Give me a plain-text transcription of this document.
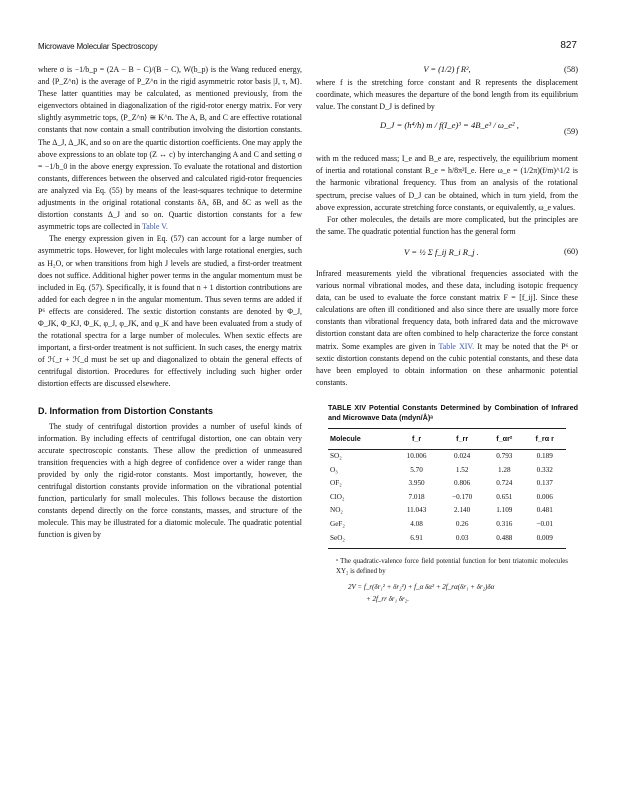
Microwave Molecular Spectroscopy	827

where σ is −1/b_p = (2A − B − C)/(B − C), W(b_p) is the Wang reduced energy, and ⟨P_Z^n⟩ is the average of P_Z^n in the rigid asymmetric rotor basis |J, τ, M⟩. These latter quantities may be calculated, as mentioned previously, from the eigenvectors obtained in diagonalization of the rigid-rotor energy matrix. For very slightly asymmetric tops, ⟨P_Z^n⟩ ≅ K^n. The A, B, and C are effective rotational constants that now contain a small contribution involving the distortion constants. The Δ_J, Δ_JK, and so on are the quartic distortion coefficients. One may apply the above expressions to an oblate top (Z ↔ c) by interchanging A and C and setting σ = −1/b_0 in the above energy expression. To evaluate the rotational and distortion constants, differences between the observed and calculated rigid-rotor frequencies are analyzed via Eq. (55) by means of the least-squares technique to determine adjustments in the original rotational constants δA, δB, and δC as well as the distortion constants Δ_J and so on. Quartic distortion constants for a few asymmetric tops are collected in Table V.

The energy expression given in Eq. (57) can account for a large number of asymmetric tops. However, for light molecules with large rotational energies, such as H₂O, or when transitions from high J levels are studied, a first-order treatment does not suffice. Additional higher power terms in the angular momentum must be included in Eq. (57). Specifically, it is found that n + 1 distortion contributions are added for each degree n in the angular momentum. Thus seven terms are added if P⁶ effects are considered. The sextic distortion constants are denoted by Φ_J, Φ_JK, Φ_KJ, Φ_K, φ_J, φ_JK, and φ_K and have been evaluated from a study of the rotational spectra for a large number of molecules. When sextic effects are important, a first-order treatment is not sufficient. In such cases, the energy matrix of ℋ_r + ℋ_d must be set up and diagonalized to obtain the general effects of centrifugal distortion. Procedures for effectively including such higher order distortion effects are discussed elsewhere.

D. Information from Distortion Constants

The study of centrifugal distortion provides a number of useful kinds of information. By including effects of centrifugal distortion, one can obtain very accurate spectroscopic constants. These allow the prediction of unmeasured transition frequencies with a high degree of confidence over a wider range than provided by only the rigid-rotor constants. Most importantly, however, the centrifugal distortion constants provide information on the vibrational potential function, particularly for small molecules. This follows because the distortion constants depend directly on the force constants, masses, and structure of the molecule. This may be illustrated for a diatomic molecule. The quadratic potential function is given by

V = (1/2) f R²,	(58)

where f is the stretching force constant and R represents the displacement coordinate, which measures the departure of the bond length from its equilibrium value. The constant D_J is defined by

D_J = (h⁴/h) m / f(I_e)³ = 4B_e³ / ω_e² ,
(59)

with m the reduced mass; I_e and B_e are, respectively, the equilibrium moment of inertia and rotational constant B_e = h/8π²I_e. Here ω_e = (1/2π)(f/m)^1/2 is the harmonic vibrational frequency. Thus from an analysis of the rotational spectrum, precise values of D_J can be obtained, which in turn yield, from the above expression, accurate stretching force constants, or equivalently, ω_e values.

For other molecules, the details are more complicated, but the principles are the same. The quadratic potential function has the general form

V = ½ Σ f_ij R_i R_j .	(60)

Infrared measurements yield the vibrational frequencies associated with the various normal vibrational modes, and these data, including isotopic frequency data, can be used to evaluate the force constant matrix F = [f_ij]. Since these calculations are often ill conditioned and also since there are usually more force constants than vibrational frequency data, both infrared data and the microwave distortion constant data are often combined to help characterize the force constant matrix. Some examples are given in Table XIV. It may be noted that the P⁶ or sextic distortion constants depend on the cubic potential constants, and these data have been employed to obtain information on these anharmonic potential constants.

TABLE XIV Potential Constants Determined by Combination of Infrared and Microwave Data (mdyn/Å)ᵃ
Molecule	f_r	f_rr	f_αr²	f_rα r
SO₂	10.006	0.024	0.793	0.189
O₃	5.70	1.52	1.28	0.332
OF₂	3.950	0.806	0.724	0.137
ClO₂	7.018	−0.170	0.651	0.006
NO₂	11.043	2.140	1.109	0.481
GeF₂	4.08	0.26	0.316	−0.01
SeO₂	6.91	0.03	0.488	0.009
ᵃ The quadratic-valence force field potential function for bent triatomic molecules XY₂ is defined by
2V = f_r(δr₁² + δr₂²) + f_α δα² + 2f_rα(δr₁ + δr₂)δα
+ 2f_rr δr₁ δr₂.
